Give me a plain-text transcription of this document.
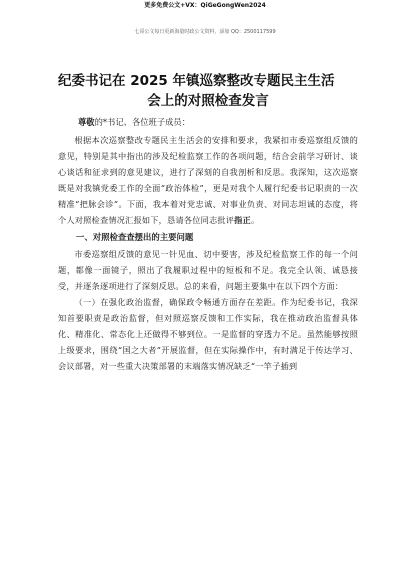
更多免费公文+VX：QiGeGongWen2024
七哥公文每日更新海量时政公文资料，添加 QQ：2500117599
纪委书记在 2025 年镇巡察整改专题民主生活
会上的对照检查发言
尊敬的*书记、各位班子成员：

根据本次巡察整改专题民主生活会的安排和要求，我紧扣市委巡察组反馈的意见，特别是其中指出的涉及纪检监察工作的各项问题，结合会前学习研讨、谈心谈话和征求到的意见建议，进行了深刻的自我剖析和反思。我深知，这次巡察既是对我镇党委工作的全面“政治体检”，更是对我个人履行纪委书记职责的一次精准“把脉会诊”。下面，我本着对党忠诚、对事业负责、对同志坦诚的态度，将个人对照检查情况汇报如下，恳请各位同志批评指正。

一、对照检查查摆出的主要问题

市委巡察组反馈的意见一针见血、切中要害，涉及纪检监察工作的每一个问题，都像一面镜子，照出了我履职过程中的短板和不足。我完全认领、诚恳接受，并逐条逐项进行了深刻反思。总的来看，问题主要集中在以下四个方面：

（一）在强化政治监督，确保政令畅通方面存在差距。作为纪委书记，我深知首要职责是政治监督，但对照巡察反馈和工作实际，我在推动政治监督具体化、精准化、常态化上还做得不够到位。一是监督的穿透力不足。虽然能够按照上级要求，围绕“国之大者”开展监督，但在实际操作中，有时满足于传达学习、会议部署，对一些重大决策部署的末端落实情况缺乏“一竿子插到
